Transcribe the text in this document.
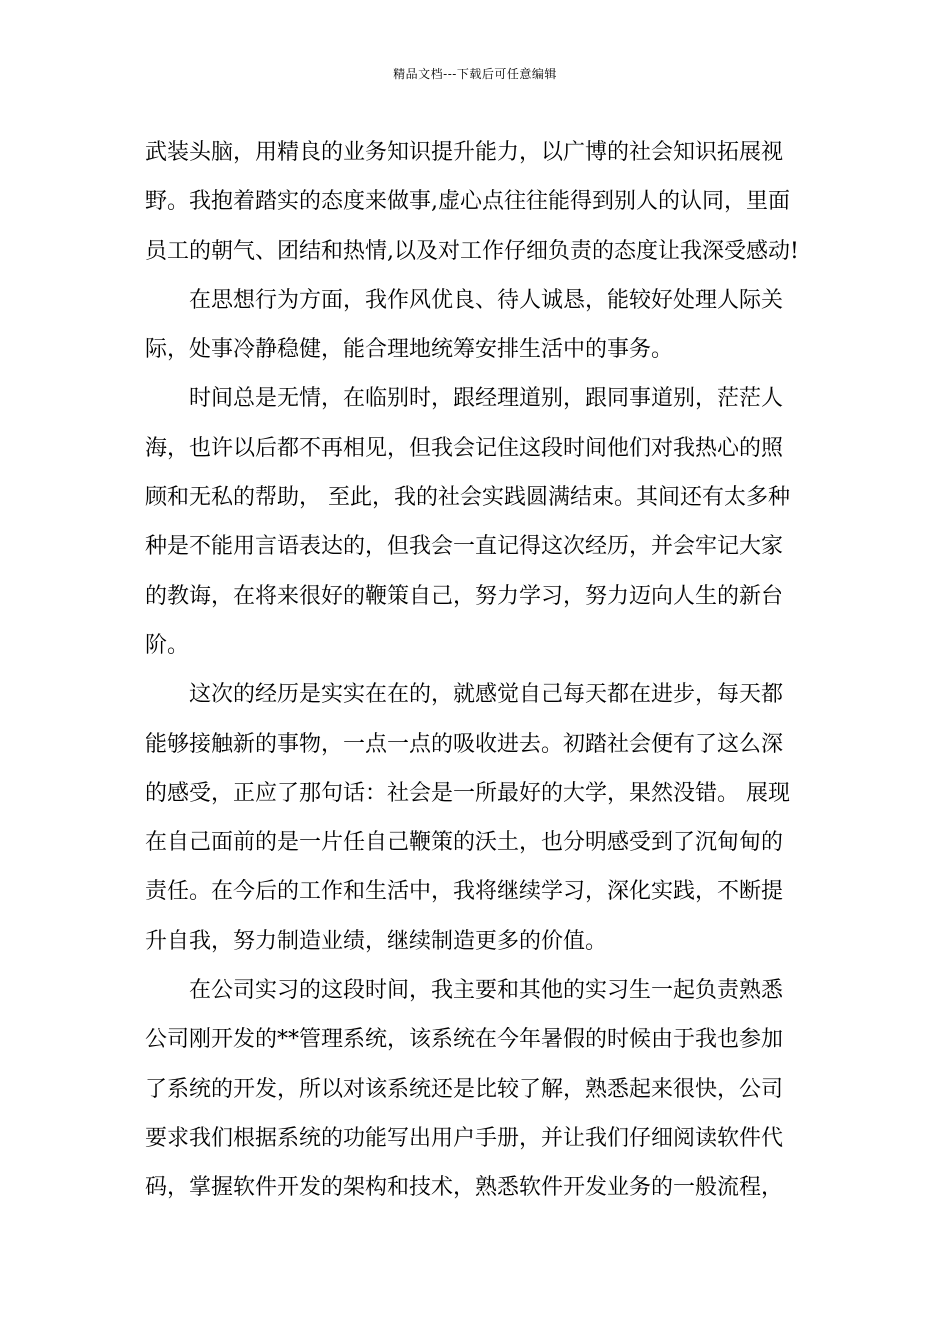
精品文档---下载后可任意编辑
武装头脑，用精良的业务知识提升能力，以广博的社会知识拓展视
野。我抱着踏实的态度来做事,虚心点往往能得到别人的认同，里面
员工的朝气、团结和热情,以及对工作仔细负责的态度让我深受感动!
在思想行为方面，我作风优良、待人诚恳，能较好处理人际关
际，处事冷静稳健，能合理地统筹安排生活中的事务。
时间总是无情，在临别时，跟经理道别，跟同事道别，茫茫人
海，也许以后都不再相见，但我会记住这段时间他们对我热心的照
顾和无私的帮助， 至此，我的社会实践圆满结束。其间还有太多种
种是不能用言语表达的，但我会一直记得这次经历，并会牢记大家
的教诲，在将来很好的鞭策自己，努力学习，努力迈向人生的新台
阶。
这次的经历是实实在在的，就感觉自己每天都在进步，每天都
能够接触新的事物，一点一点的吸收进去。初踏社会便有了这么深
的感受，正应了那句话：社会是一所最好的大学，果然没错。 展现
在自己面前的是一片任自己鞭策的沃土，也分明感受到了沉甸甸的
责任。在今后的工作和生活中，我将继续学习，深化实践，不断提
升自我，努力制造业绩，继续制造更多的价值。
在公司实习的这段时间，我主要和其他的实习生一起负责熟悉
公司刚开发的**管理系统，该系统在今年暑假的时候由于我也参加
了系统的开发，所以对该系统还是比较了解，熟悉起来很快，公司
要求我们根据系统的功能写出用户手册，并让我们仔细阅读软件代
码，掌握软件开发的架构和技术，熟悉软件开发业务的一般流程，
